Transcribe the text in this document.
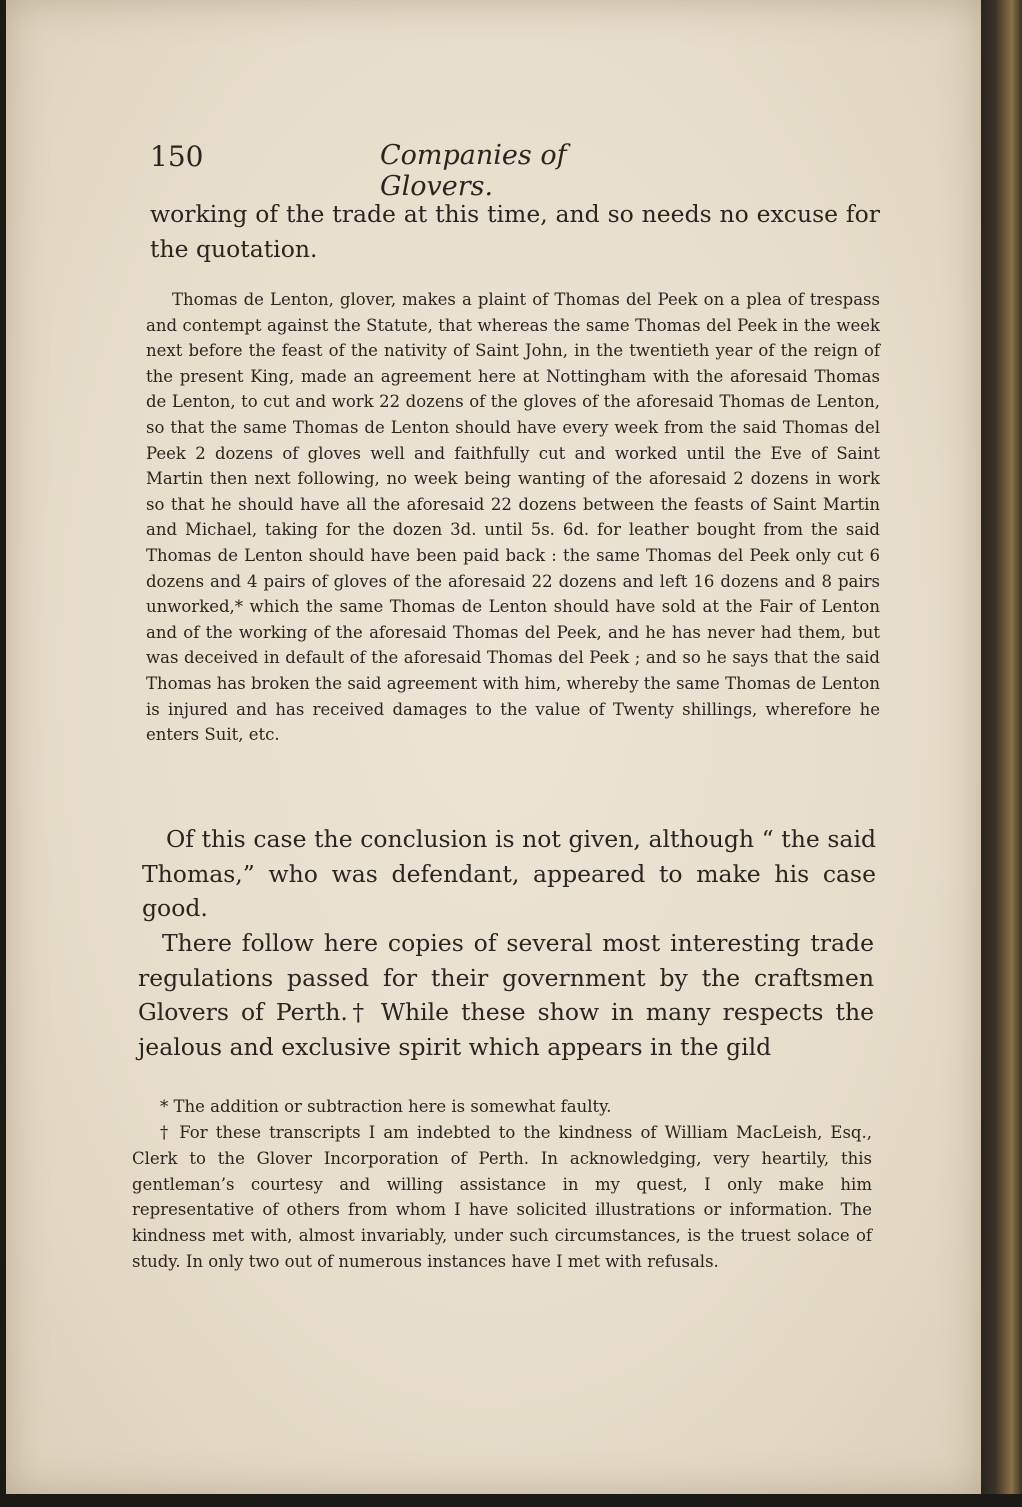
150	Companies of Glovers.

working of the trade at this time, and so needs no excuse for the quotation.

Thomas de Lenton, glover, makes a plaint of Thomas del Peek on a plea of trespass and contempt against the Statute, that whereas the same Thomas del Peek in the week next before the feast of the nativity of Saint John, in the twentieth year of the reign of the present King, made an agreement here at Nottingham with the aforesaid Thomas de Lenton, to cut and work 22 dozens of the gloves of the aforesaid Thomas de Lenton, so that the same Thomas de Lenton should have every week from the said Thomas del Peek 2 dozens of gloves well and faithfully cut and worked until the Eve of Saint Martin then next following, no week being wanting of the aforesaid 2 dozens in work so that he should have all the aforesaid 22 dozens between the feasts of Saint Martin and Michael, taking for the dozen 3d. until 5s. 6d. for leather bought from the said Thomas de Lenton should have been paid back : the same Thomas del Peek only cut 6 dozens and 4 pairs of gloves of the aforesaid 22 dozens and left 16 dozens and 8 pairs unworked,* which the same Thomas de Lenton should have sold at the Fair of Lenton and of the working of the aforesaid Thomas del Peek, and he has never had them, but was deceived in default of the aforesaid Thomas del Peek ; and so he says that the said Thomas has broken the said agreement with him, whereby the same Thomas de Lenton is injured and has received damages to the value of Twenty shillings, wherefore he enters Suit, etc.

Of this case the conclusion is not given, although “ the said Thomas,” who was defendant, appeared to make his case good.

There follow here copies of several most interesting trade regulations passed for their government by the craftsmen Glovers of Perth.† While these show in many respects the jealous and exclusive spirit which appears in the gild

* The addition or subtraction here is somewhat faulty.

† For these transcripts I am indebted to the kindness of William MacLeish, Esq., Clerk to the Glover Incorporation of Perth. In acknowledging, very heartily, this gentleman’s courtesy and willing assistance in my quest, I only make him representative of others from whom I have solicited illustrations or information. The kindness met with, almost invariably, under such circumstances, is the truest solace of study. In only two out of numerous instances have I met with refusals.
